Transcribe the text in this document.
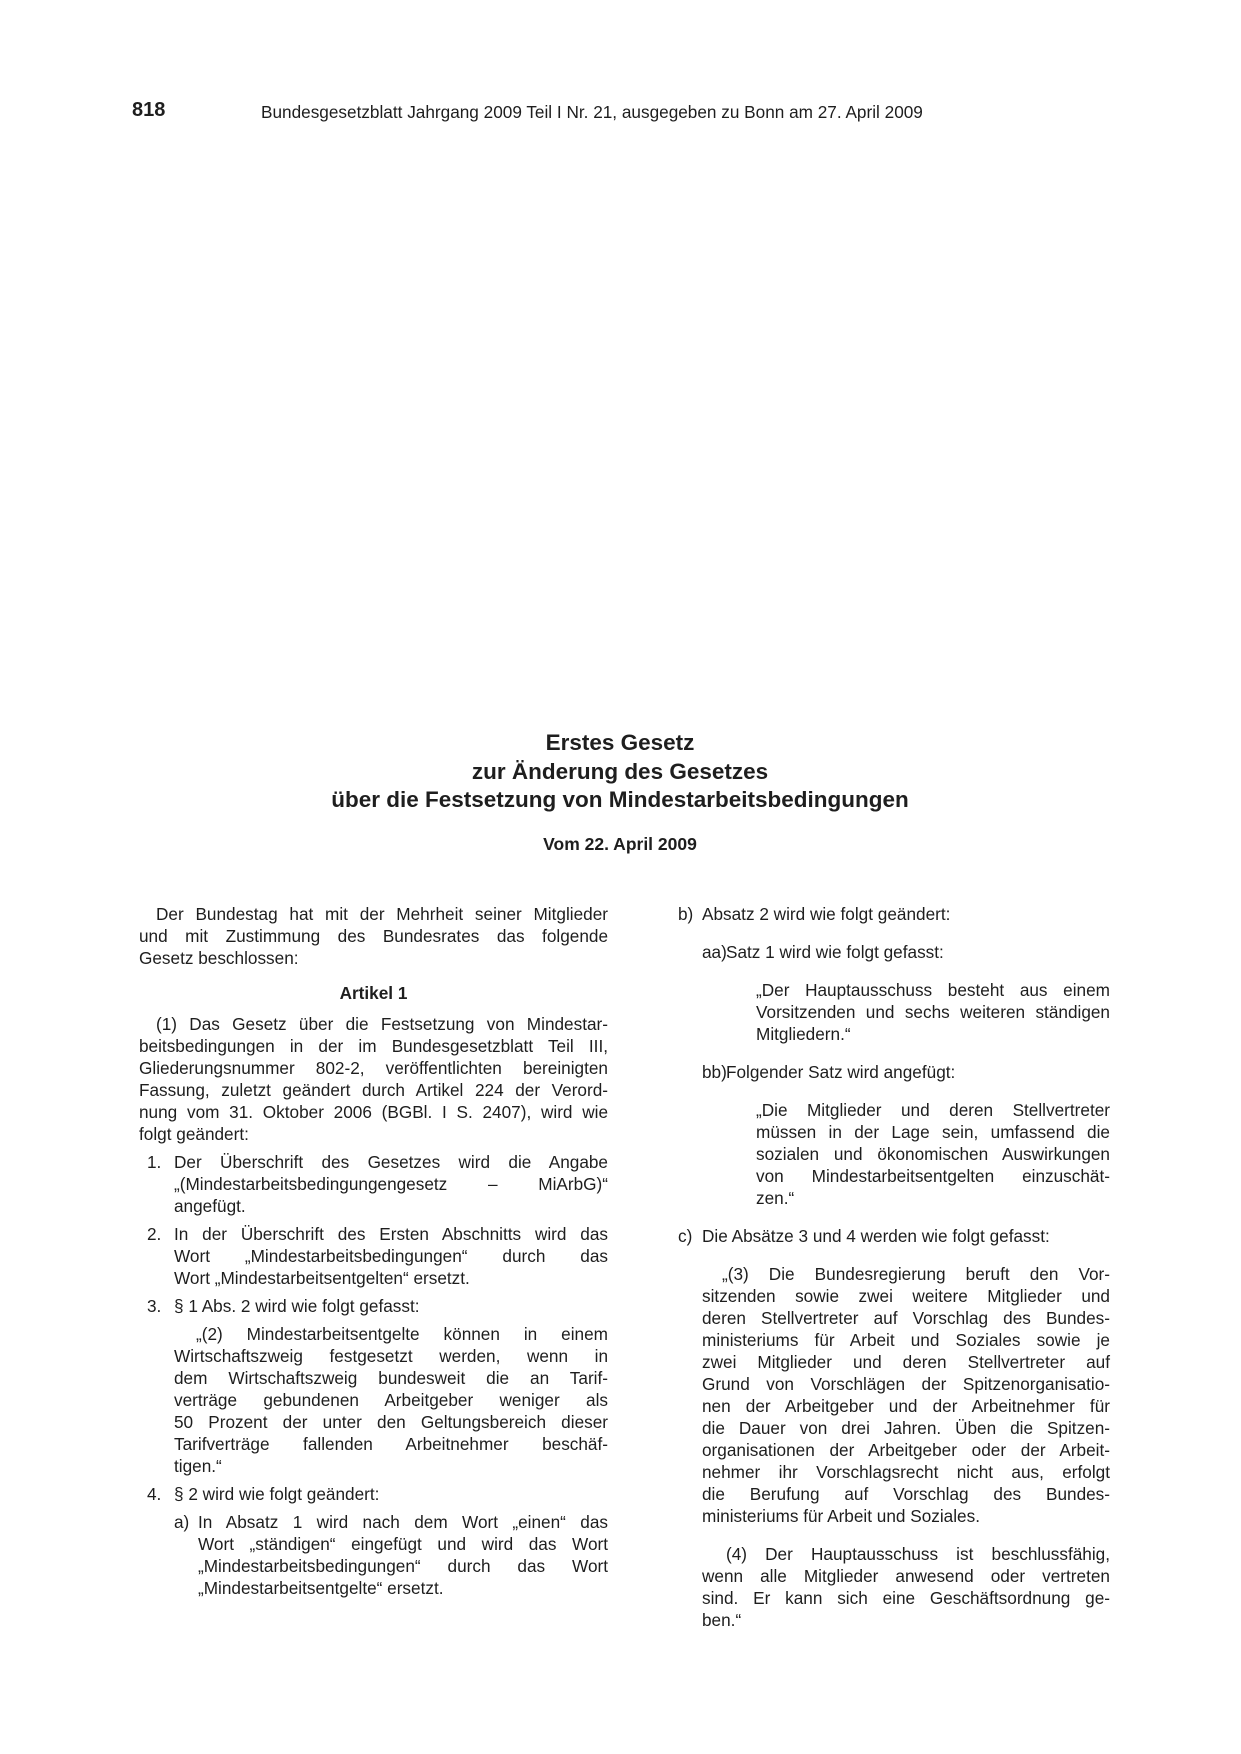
818	Bundesgesetzblatt Jahrgang 2009 Teil I Nr. 21, ausgegeben zu Bonn am 27. April 2009
Erstes Gesetz
zur Änderung des Gesetzes
über die Festsetzung von Mindestarbeitsbedingungen
Vom 22. April 2009
Der Bundestag hat mit der Mehrheit seiner Mitglieder
und mit Zustimmung des Bundesrates das folgende
Gesetz beschlossen:
Artikel 1
(1) Das Gesetz über die Festsetzung von Mindestar-
beitsbedingungen in der im Bundesgesetzblatt Teil III,
Gliederungsnummer 802-2, veröffentlichten bereinigten
Fassung, zuletzt geändert durch Artikel 224 der Verord-
nung vom 31. Oktober 2006 (BGBl. I S. 2407), wird wie
folgt geändert:
1. Der Überschrift des Gesetzes wird die Angabe
„(Mindestarbeitsbedingungengesetz – MiArbG)“
angefügt.
2. In der Überschrift des Ersten Abschnitts wird das
Wort „Mindestarbeitsbedingungen“ durch das
Wort „Mindestarbeitsentgelten“ ersetzt.
3. § 1 Abs. 2 wird wie folgt gefasst:
„(2) Mindestarbeitsentgelte können in einem
Wirtschaftszweig festgesetzt werden, wenn in
dem Wirtschaftszweig bundesweit die an Tarif-
verträge gebundenen Arbeitgeber weniger als
50 Prozent der unter den Geltungsbereich dieser
Tarifverträge fallenden Arbeitnehmer beschäf-
tigen.“
4. § 2 wird wie folgt geändert:
a) In Absatz 1 wird nach dem Wort „einen“ das
Wort „ständigen“ eingefügt und wird das Wort
„Mindestarbeitsbedingungen“ durch das Wort
„Mindestarbeitsentgelte“ ersetzt.
b) Absatz 2 wird wie folgt geändert:
aa) Satz 1 wird wie folgt gefasst:
„Der Hauptausschuss besteht aus einem
Vorsitzenden und sechs weiteren ständigen
Mitgliedern.“
bb) Folgender Satz wird angefügt:
„Die Mitglieder und deren Stellvertreter
müssen in der Lage sein, umfassend die
sozialen und ökonomischen Auswirkungen
von Mindestarbeitsentgelten einzuschät-
zen.“
c) Die Absätze 3 und 4 werden wie folgt gefasst:
„(3) Die Bundesregierung beruft den Vor-
sitzenden sowie zwei weitere Mitglieder und
deren Stellvertreter auf Vorschlag des Bundes-
ministeriums für Arbeit und Soziales sowie je
zwei Mitglieder und deren Stellvertreter auf
Grund von Vorschlägen der Spitzenorganisatio-
nen der Arbeitgeber und der Arbeitnehmer für
die Dauer von drei Jahren. Üben die Spitzen-
organisationen der Arbeitgeber oder der Arbeit-
nehmer ihr Vorschlagsrecht nicht aus, erfolgt
die Berufung auf Vorschlag des Bundes-
ministeriums für Arbeit und Soziales.
(4) Der Hauptausschuss ist beschlussfähig,
wenn alle Mitglieder anwesend oder vertreten
sind. Er kann sich eine Geschäftsordnung ge-
ben.“
